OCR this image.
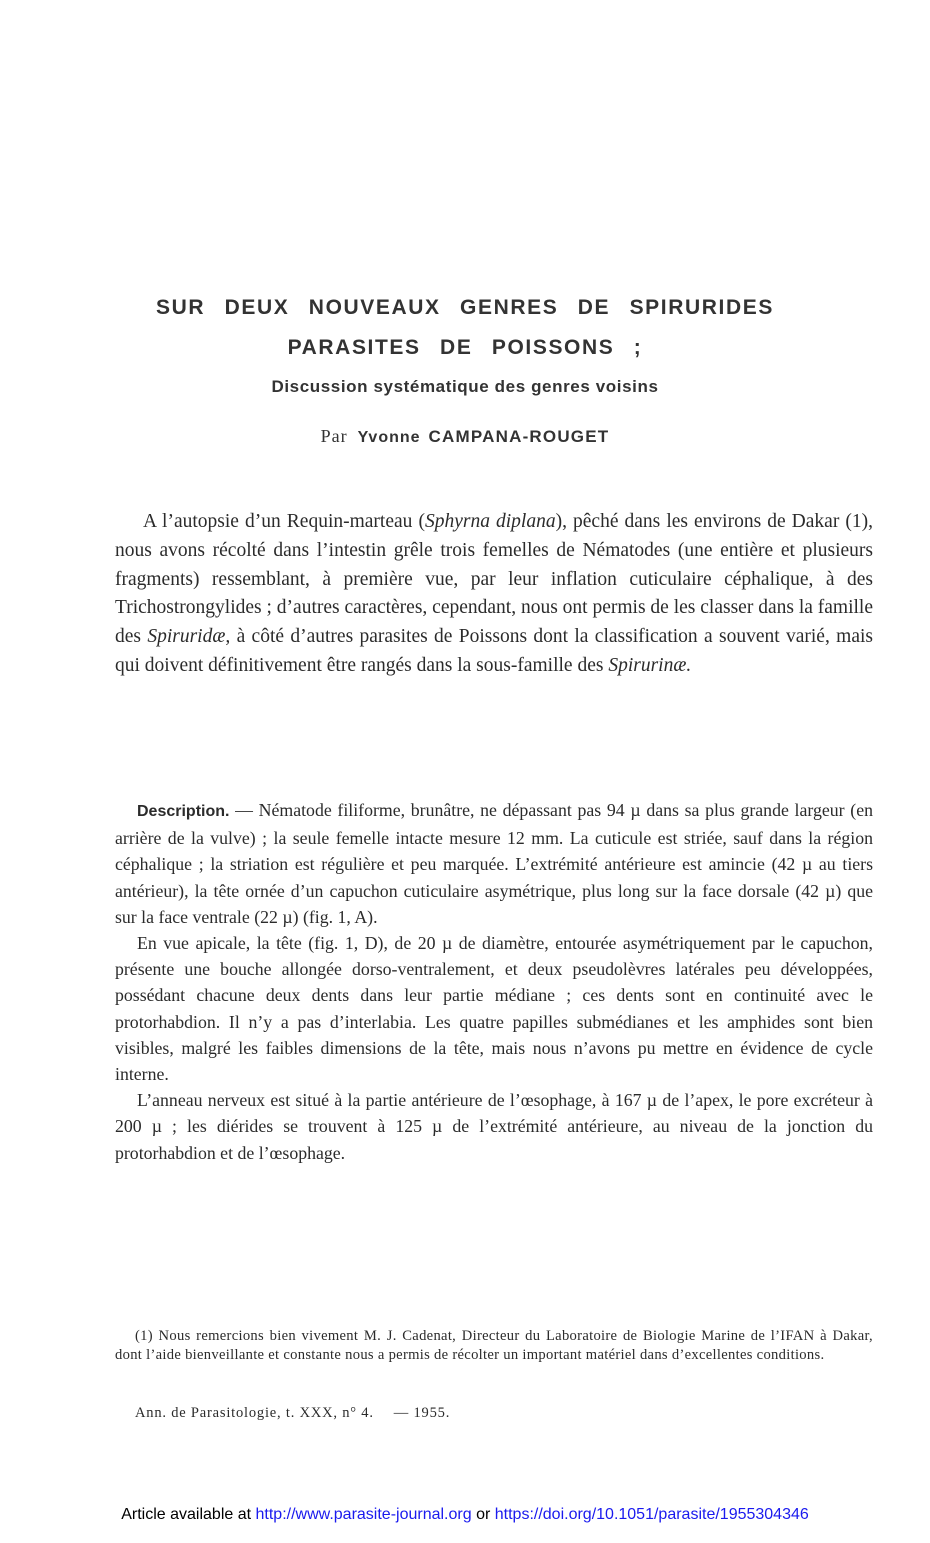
SUR DEUX NOUVEAUX GENRES DE SPIRURIDES
PARASITES DE POISSONS ;
Discussion systématique des genres voisins
Par Yvonne CAMPANA-ROUGET

A l’autopsie d’un Requin-marteau (Sphyrna diplana), pêché dans les environs de Dakar (1), nous avons récolté dans l’intestin grêle trois femelles de Nématodes (une entière et plusieurs fragments) ressemblant, à première vue, par leur inflation cuticulaire céphalique, à des Trichostrongylides ; d’autres caractères, cependant, nous ont permis de les classer dans la famille des Spiruridæ, à côté d’autres parasites de Poissons dont la classification a souvent varié, mais qui doivent définitivement être rangés dans la sous-famille des Spirurinæ.

Description. — Nématode filiforme, brunâtre, ne dépassant pas 94 µ dans sa plus grande largeur (en arrière de la vulve) ; la seule femelle intacte mesure 12 mm. La cuticule est striée, sauf dans la région céphalique ; la striation est régulière et peu marquée. L’extrémité antérieure est amincie (42 µ au tiers antérieur), la tête ornée d’un capuchon cuticulaire asymétrique, plus long sur la face dorsale (42 µ) que sur la face ventrale (22 µ) (fig. 1, A).

En vue apicale, la tête (fig. 1, D), de 20 µ de diamètre, entourée asymétriquement par le capuchon, présente une bouche allongée dorso-ventralement, et deux pseudolèvres latérales peu développées, possédant chacune deux dents dans leur partie médiane ; ces dents sont en continuité avec le protorhabdion. Il n’y a pas d’interlabia. Les quatre papilles submédianes et les amphides sont bien visibles, malgré les faibles dimensions de la tête, mais nous n’avons pu mettre en évidence de cycle interne.

L’anneau nerveux est situé à la partie antérieure de l’œsophage, à 167 µ de l’apex, le pore excréteur à 200 µ ; les diérides se trouvent à 125 µ de l’extrémité antérieure, au niveau de la jonction du protorhabdion et de l’œsophage.

(1) Nous remercions bien vivement M. J. Cadenat, Directeur du Laboratoire de Biologie Marine de l’IFAN à Dakar, dont l’aide bienveillante et constante nous a permis de récolter un important matériel dans d’excellentes conditions.

Ann. de Parasitologie, t. XXX, n° 4. — 1955.
Article available at http://www.parasite-journal.org or https://doi.org/10.1051/parasite/1955304346
